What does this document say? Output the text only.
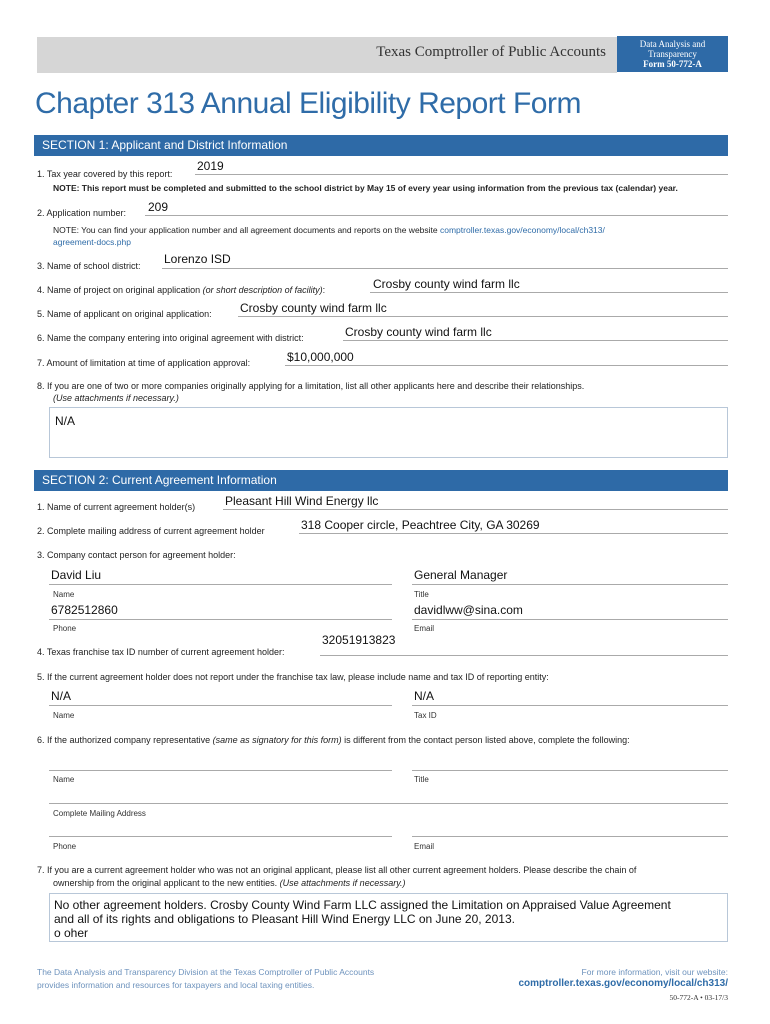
Texas Comptroller of Public Accounts	Data Analysis and
Transparency
Form 50-772-A
Chapter 313 Annual Eligibility Report Form
SECTION 1: Applicant and District Information
1. Tax year covered by this report:
2019
NOTE: This report must be completed and submitted to the school district by May 15 of every year using information from the previous tax (calendar) year.
2. Application number: 209
NOTE: You can find your application number and all agreement documents and reports on the website comptroller.texas.gov/economy/local/ch313/
agreement-docs.php
3. Name of school district: Lorenzo ISD
4. Name of project on original application (or short description of facility):	Crosby county wind farm llc
5. Name of applicant on original application: Crosby county wind farm llc
6. Name the company entering into original agreement with district:	Crosby county wind farm llc
7. Amount of limitation at time of application approval:	$10,000,000
8. If you are one of two or more companies originally applying for a limitation, list all other applicants here and describe their relationships.
(Use attachments if necessary.)
N/A
SECTION 2: Current Agreement Information
1. Name of current agreement holder(s) Pleasant Hill Wind Energy llc
2. Complete mailing address of current agreement holder	318 Cooper circle, Peachtree City, GA 30269
3. Company contact person for agreement holder:
David Liu
Name
General Manager
Title
6782512860
Phone
davidlww@sina.com
Email
4. Texas franchise tax ID number of current agreement holder:
32051913823
5. If the current agreement holder does not report under the franchise tax law, please include name and tax ID of reporting entity:
N/A
Name
N/A
Tax ID
6. If the authorized company representative (same as signatory for this form) is different from the contact person listed above, complete the following:
Name	Title
Complete Mailing Address
Phone	Email
7. If you are a current agreement holder who was not an original applicant, please list all other current agreement holders. Please describe the chain of
ownership from the original applicant to the new entities. (Use attachments if necessary.)
No other agreement holders. Crosby County Wind Farm LLC assigned the Limitation on Appraised Value Agreement
and all of its rights and obligations to Pleasant Hill Wind Energy LLC on June 20, 2013.
o oher
The Data Analysis and Transparency Division at the Texas Comptroller of Public Accounts
provides information and resources for taxpayers and local taxing entities.
For more information, visit our website:
comptroller.texas.gov/economy/local/ch313/
50-772-A • 03-17/3
